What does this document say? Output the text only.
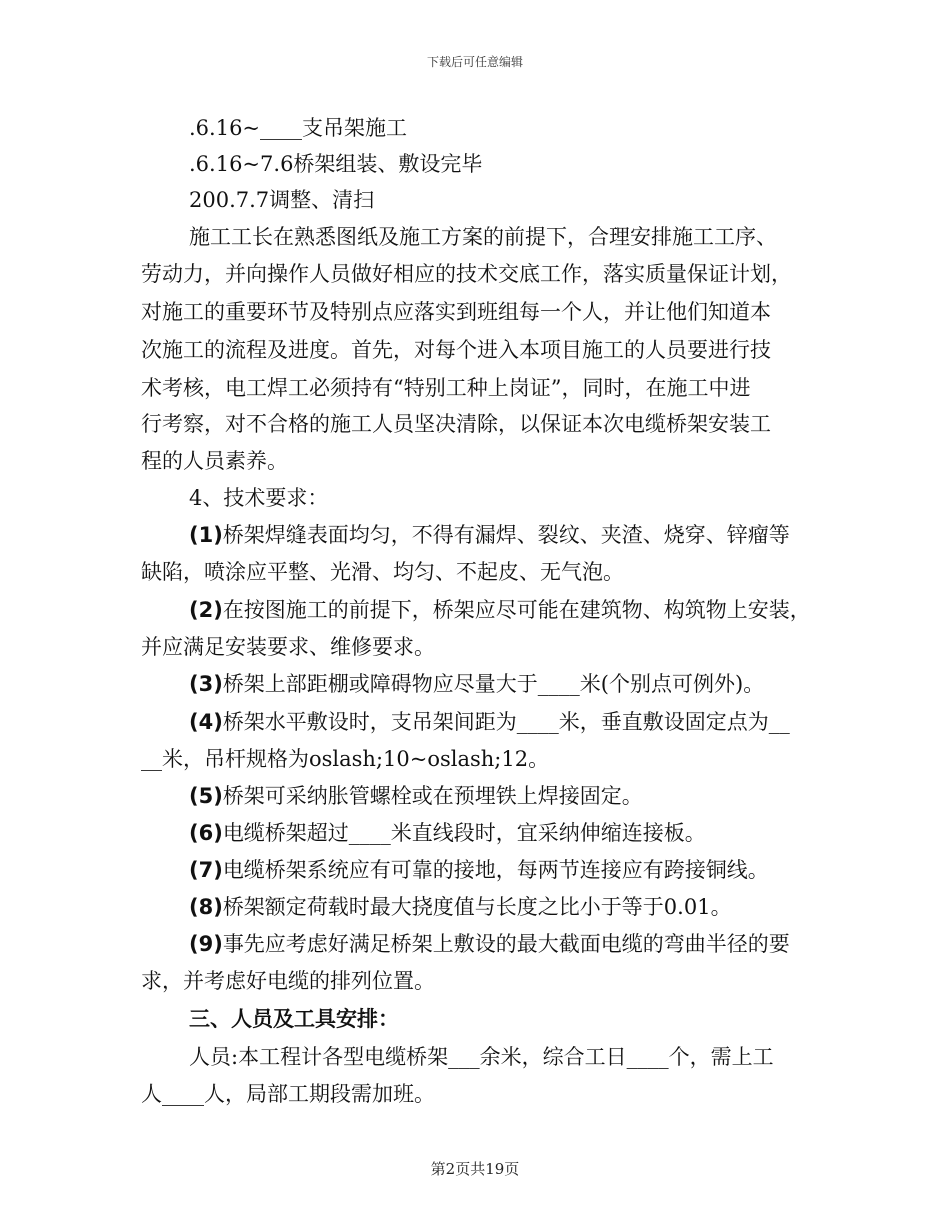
下载后可任意编辑
.6.16~____支吊架施工
.6.16~7.6桥架组装、敷设完毕
200.7.7调整、清扫
施工工长在熟悉图纸及施工方案的前提下，合理安排施工工序、
劳动力，并向操作人员做好相应的技术交底工作，落实质量保证计划，
对施工的重要环节及特别点应落实到班组每一个人，并让他们知道本
次施工的流程及进度。首先，对每个进入本项目施工的人员要进行技
术考核，电工焊工必须持有“特别工种上岗证”，同时，在施工中进
行考察，对不合格的施工人员坚决清除，以保证本次电缆桥架安装工
程的人员素养。
4、技术要求：
(1)桥架焊缝表面均匀，不得有漏焊、裂纹、夹渣、烧穿、锌瘤等
缺陷，喷涂应平整、光滑、均匀、不起皮、无气泡。
(2)在按图施工的前提下，桥架应尽可能在建筑物、构筑物上安装，
并应满足安装要求、维修要求。
(3)桥架上部距棚或障碍物应尽量大于____米(个别点可例外)。
(4)桥架水平敷设时，支吊架间距为____米，垂直敷设固定点为__
__米，吊杆规格为oslash;10~oslash;12。
(5)桥架可采纳胀管螺栓或在预埋铁上焊接固定。
(6)电缆桥架超过____米直线段时，宜采纳伸缩连接板。
(7)电缆桥架系统应有可靠的接地，每两节连接应有跨接铜线。
(8)桥架额定荷载时最大挠度值与长度之比小于等于0.01。
(9)事先应考虑好满足桥架上敷设的最大截面电缆的弯曲半径的要
求，并考虑好电缆的排列位置。
三、人员及工具安排：
人员:本工程计各型电缆桥架___余米，综合工日____个，需上工
人____人，局部工期段需加班。
第2页共19页
